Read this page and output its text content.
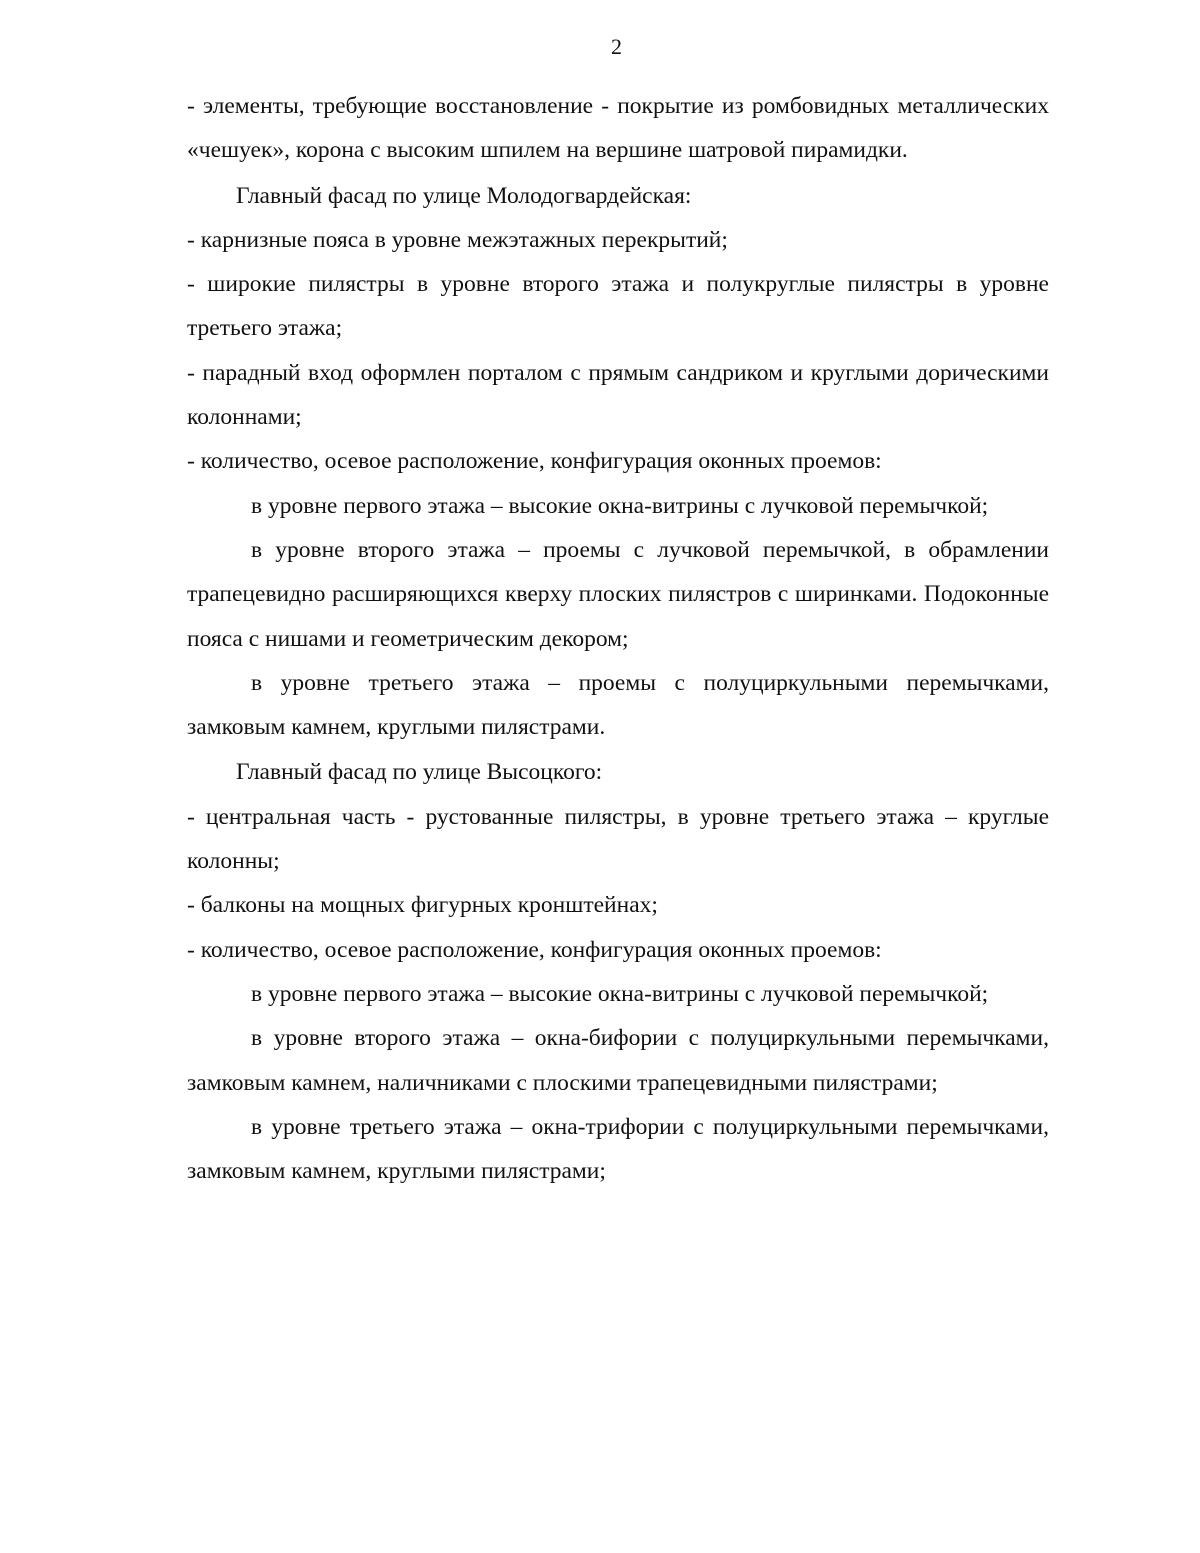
2

- элементы, требующие восстановление - покрытие из ромбовидных металлических «чешуек», корона с высоким шпилем на вершине шатровой пирамидки.

Главный фасад по улице Молодогвардейская:

- карнизные пояса в уровне межэтажных перекрытий;

- широкие пилястры в уровне второго этажа и полукруглые пилястры в уровне третьего этажа;

- парадный вход оформлен порталом с прямым сандриком и круглыми дорическими колоннами;

- количество, осевое расположение, конфигурация оконных проемов:

в уровне первого этажа – высокие окна-витрины с лучковой перемычкой;

в уровне второго этажа – проемы с лучковой перемычкой, в обрамлении трапецевидно расширяющихся кверху плоских пилястров с ширинками. Подоконные пояса с нишами и геометрическим декором;

в уровне третьего этажа – проемы с полуциркульными перемычками, замковым камнем, круглыми пилястрами.

Главный фасад по улице Высоцкого:

- центральная часть - рустованные пилястры, в уровне третьего этажа – круглые колонны;

- балконы на мощных фигурных кронштейнах;

- количество, осевое расположение, конфигурация оконных проемов:

в уровне первого этажа – высокие окна-витрины с лучковой перемычкой;

в уровне второго этажа – окна-бифории с полуциркульными перемычками, замковым камнем, наличниками с плоскими трапецевидными пилястрами;

в уровне третьего этажа – окна-трифории с полуциркульными перемычками, замковым камнем, круглыми пилястрами;
